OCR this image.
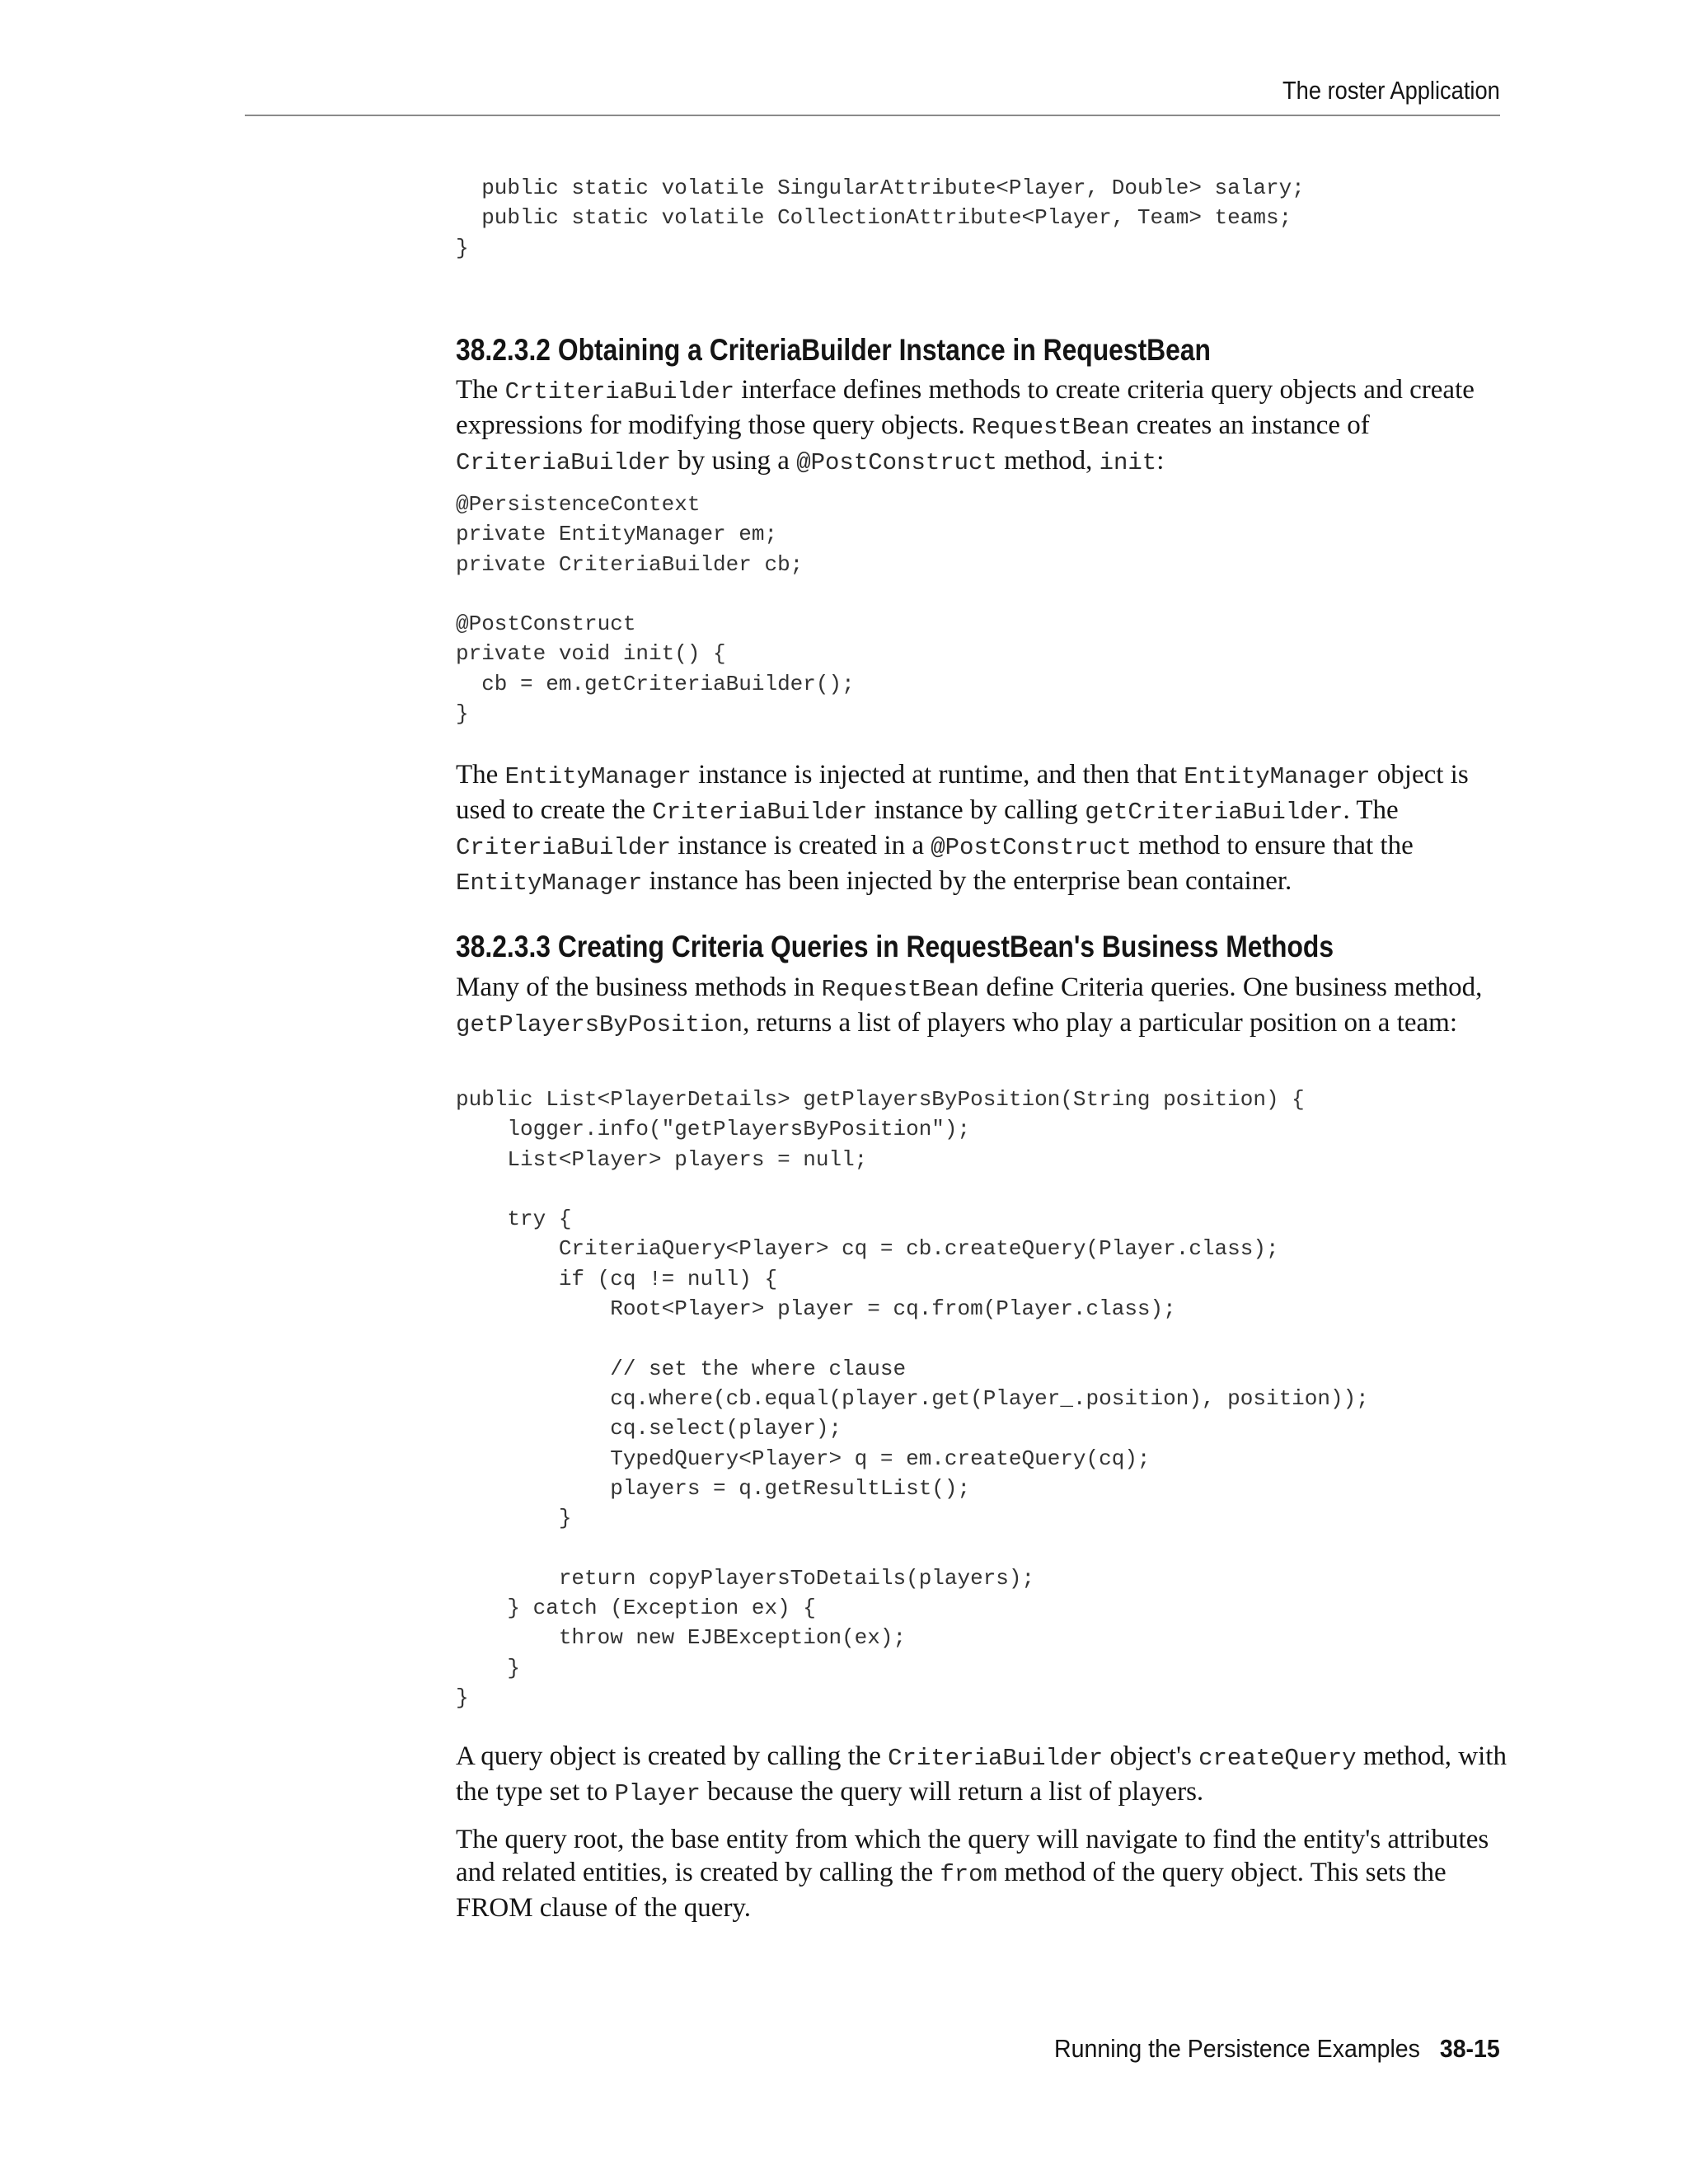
The roster Application
public static volatile SingularAttribute<Player, Double> salary;
public static volatile CollectionAttribute<Player, Team> teams;
}
38.2.3.2 Obtaining a CriteriaBuilder Instance in RequestBean

The CrtiteriaBuilder interface defines methods to create criteria query objects and create expressions for modifying those query objects. RequestBean creates an instance of CriteriaBuilder by using a @PostConstruct method, init:

@PersistenceContext
private EntityManager em;
private CriteriaBuilder cb;

@PostConstruct
private void init() {
cb = em.getCriteriaBuilder();
}

The EntityManager instance is injected at runtime, and then that EntityManager object is used to create the CriteriaBuilder instance by calling getCriteriaBuilder. The CriteriaBuilder instance is created in a @PostConstruct method to ensure that the EntityManager instance has been injected by the enterprise bean container.

38.2.3.3 Creating Criteria Queries in RequestBean's Business Methods

Many of the business methods in RequestBean define Criteria queries. One business method, getPlayersByPosition, returns a list of players who play a particular position on a team:

public List<PlayerDetails> getPlayersByPosition(String position) {
logger.info("getPlayersByPosition");
List<Player> players = null;

try {
CriteriaQuery<Player> cq = cb.createQuery(Player.class);
if (cq != null) {
Root<Player> player = cq.from(Player.class);

// set the where clause
cq.where(cb.equal(player.get(Player_.position), position));
cq.select(player);
TypedQuery<Player> q = em.createQuery(cq);
players = q.getResultList();
}

return copyPlayersToDetails(players);
} catch (Exception ex) {
throw new EJBException(ex);
}
}

A query object is created by calling the CriteriaBuilder object's createQuery method, with the type set to Player because the query will return a list of players.

The query root, the base entity from which the query will navigate to find the entity's attributes and related entities, is created by calling the from method of the query object. This sets the FROM clause of the query.

Running the Persistence Examples 38-15
